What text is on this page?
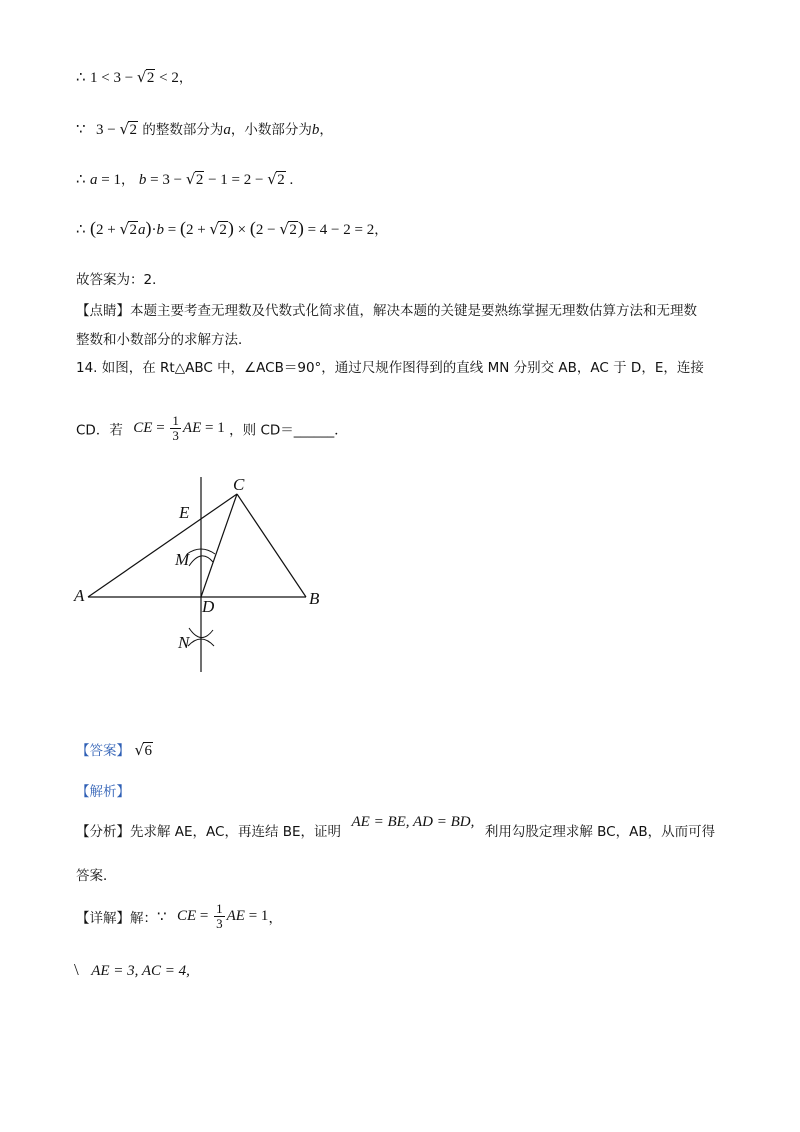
∴ 1 < 3 − √ 2 < 2，
∵ 3 − √ 2 的整数部分为a，小数部分为b，
∴ a = 1， b = 3 − √ 2 − 1 = 2 − √ 2 .
∴ (2 + √ 2a)·b = (2 + √ 2) × (2 − √ 2) = 4 − 2 = 2，
故答案为：2．
【点睛】本题主要考查无理数及代数式化简求值，解决本题的关键是要熟练掌握无理数估算方法和无理数
整数和小数部分的求解方法．
14. 如图，在 Rt△ABC 中，∠ACB＝90°，通过尺规作图得到的直线 MN 分别交 AB，AC 于 D，E，连接
CD．若 CE = $\frac{1}{3}$ AE = 1 ，则 CD＝______．
C
E
M
A
D	B
N
【答案】 √ 6
【解析】
【分析】先求解 AE，AC，再连结 BE，证明 AE = BE, AD = BD, 利用勾股定理求解 BC，AB，从而可得
答案．
【详解】解：∵ CE = $\frac{1}{3}$ AE = 1，
\ AE = 3, AC = 4,
